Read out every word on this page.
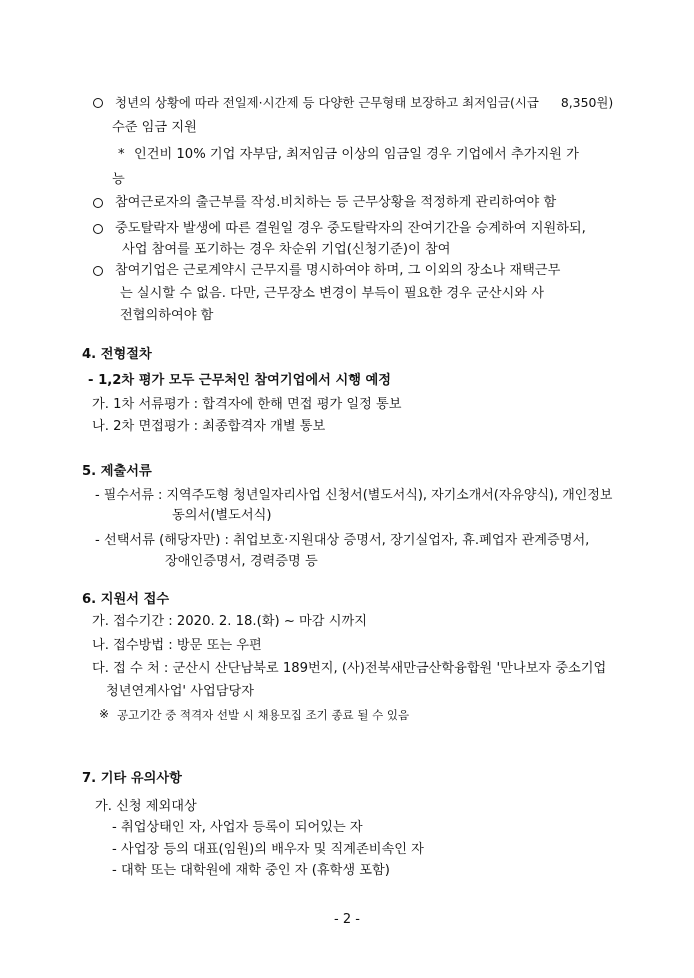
청년의 상황에 따라 전일제·시간제 등 다양한 근무형태 보장하고 최저임금(시급 8,350원)
수준 임금 지원
* 인건비 10% 기업 자부담, 최저임금 이상의 임금일 경우 기업에서 추가지원 가
능
참여근로자의 출근부를 작성.비치하는 등 근무상황을 적정하게 관리하여야 함
중도탈락자 발생에 따른 결원일 경우 중도탈락자의 잔여기간을 승계하여 지원하되,
사업 참여를 포기하는 경우 차순위 기업(신청기준)이 참여
참여기업은 근로계약시 근무지를 명시하여야 하며, 그 이외의 장소나 재택근무
는 실시할 수 없음. 다만, 근무장소 변경이 부득이 필요한 경우 군산시와 사
전협의하여야 함
4. 전형절차
- 1,2차 평가 모두 근무처인 참여기업에서 시행 예정
가. 1차 서류평가 : 합격자에 한해 면접 평가 일정 통보
나. 2차 면접평가 : 최종합격자 개별 통보
5. 제출서류
- 필수서류 : 지역주도형 청년일자리사업 신청서(별도서식), 자기소개서(자유양식), 개인정보
동의서(별도서식)
- 선택서류 (해당자만) : 취업보호·지원대상 증명서, 장기실업자, 휴.폐업자 관계증명서,
장애인증명서, 경력증명 등
6. 지원서 접수
가. 접수기간 : 2020. 2. 18.(화) ~ 마감 시까지
나. 접수방법 : 방문 또는 우편
다. 접 수 처 : 군산시 산단남북로 189번지, (사)전북새만금산학융합원 '만나보자 중소기업
청년연계사업' 사업담당자
※ 공고기간 중 적격자 선발 시 채용모집 조기 종료 될 수 있음
7. 기타 유의사항
가. 신청 제외대상
- 취업상태인 자, 사업자 등록이 되어있는 자
- 사업장 등의 대표(임원)의 배우자 및 직계존비속인 자
- 대학 또는 대학원에 재학 중인 자 (휴학생 포함)
- 2 -
